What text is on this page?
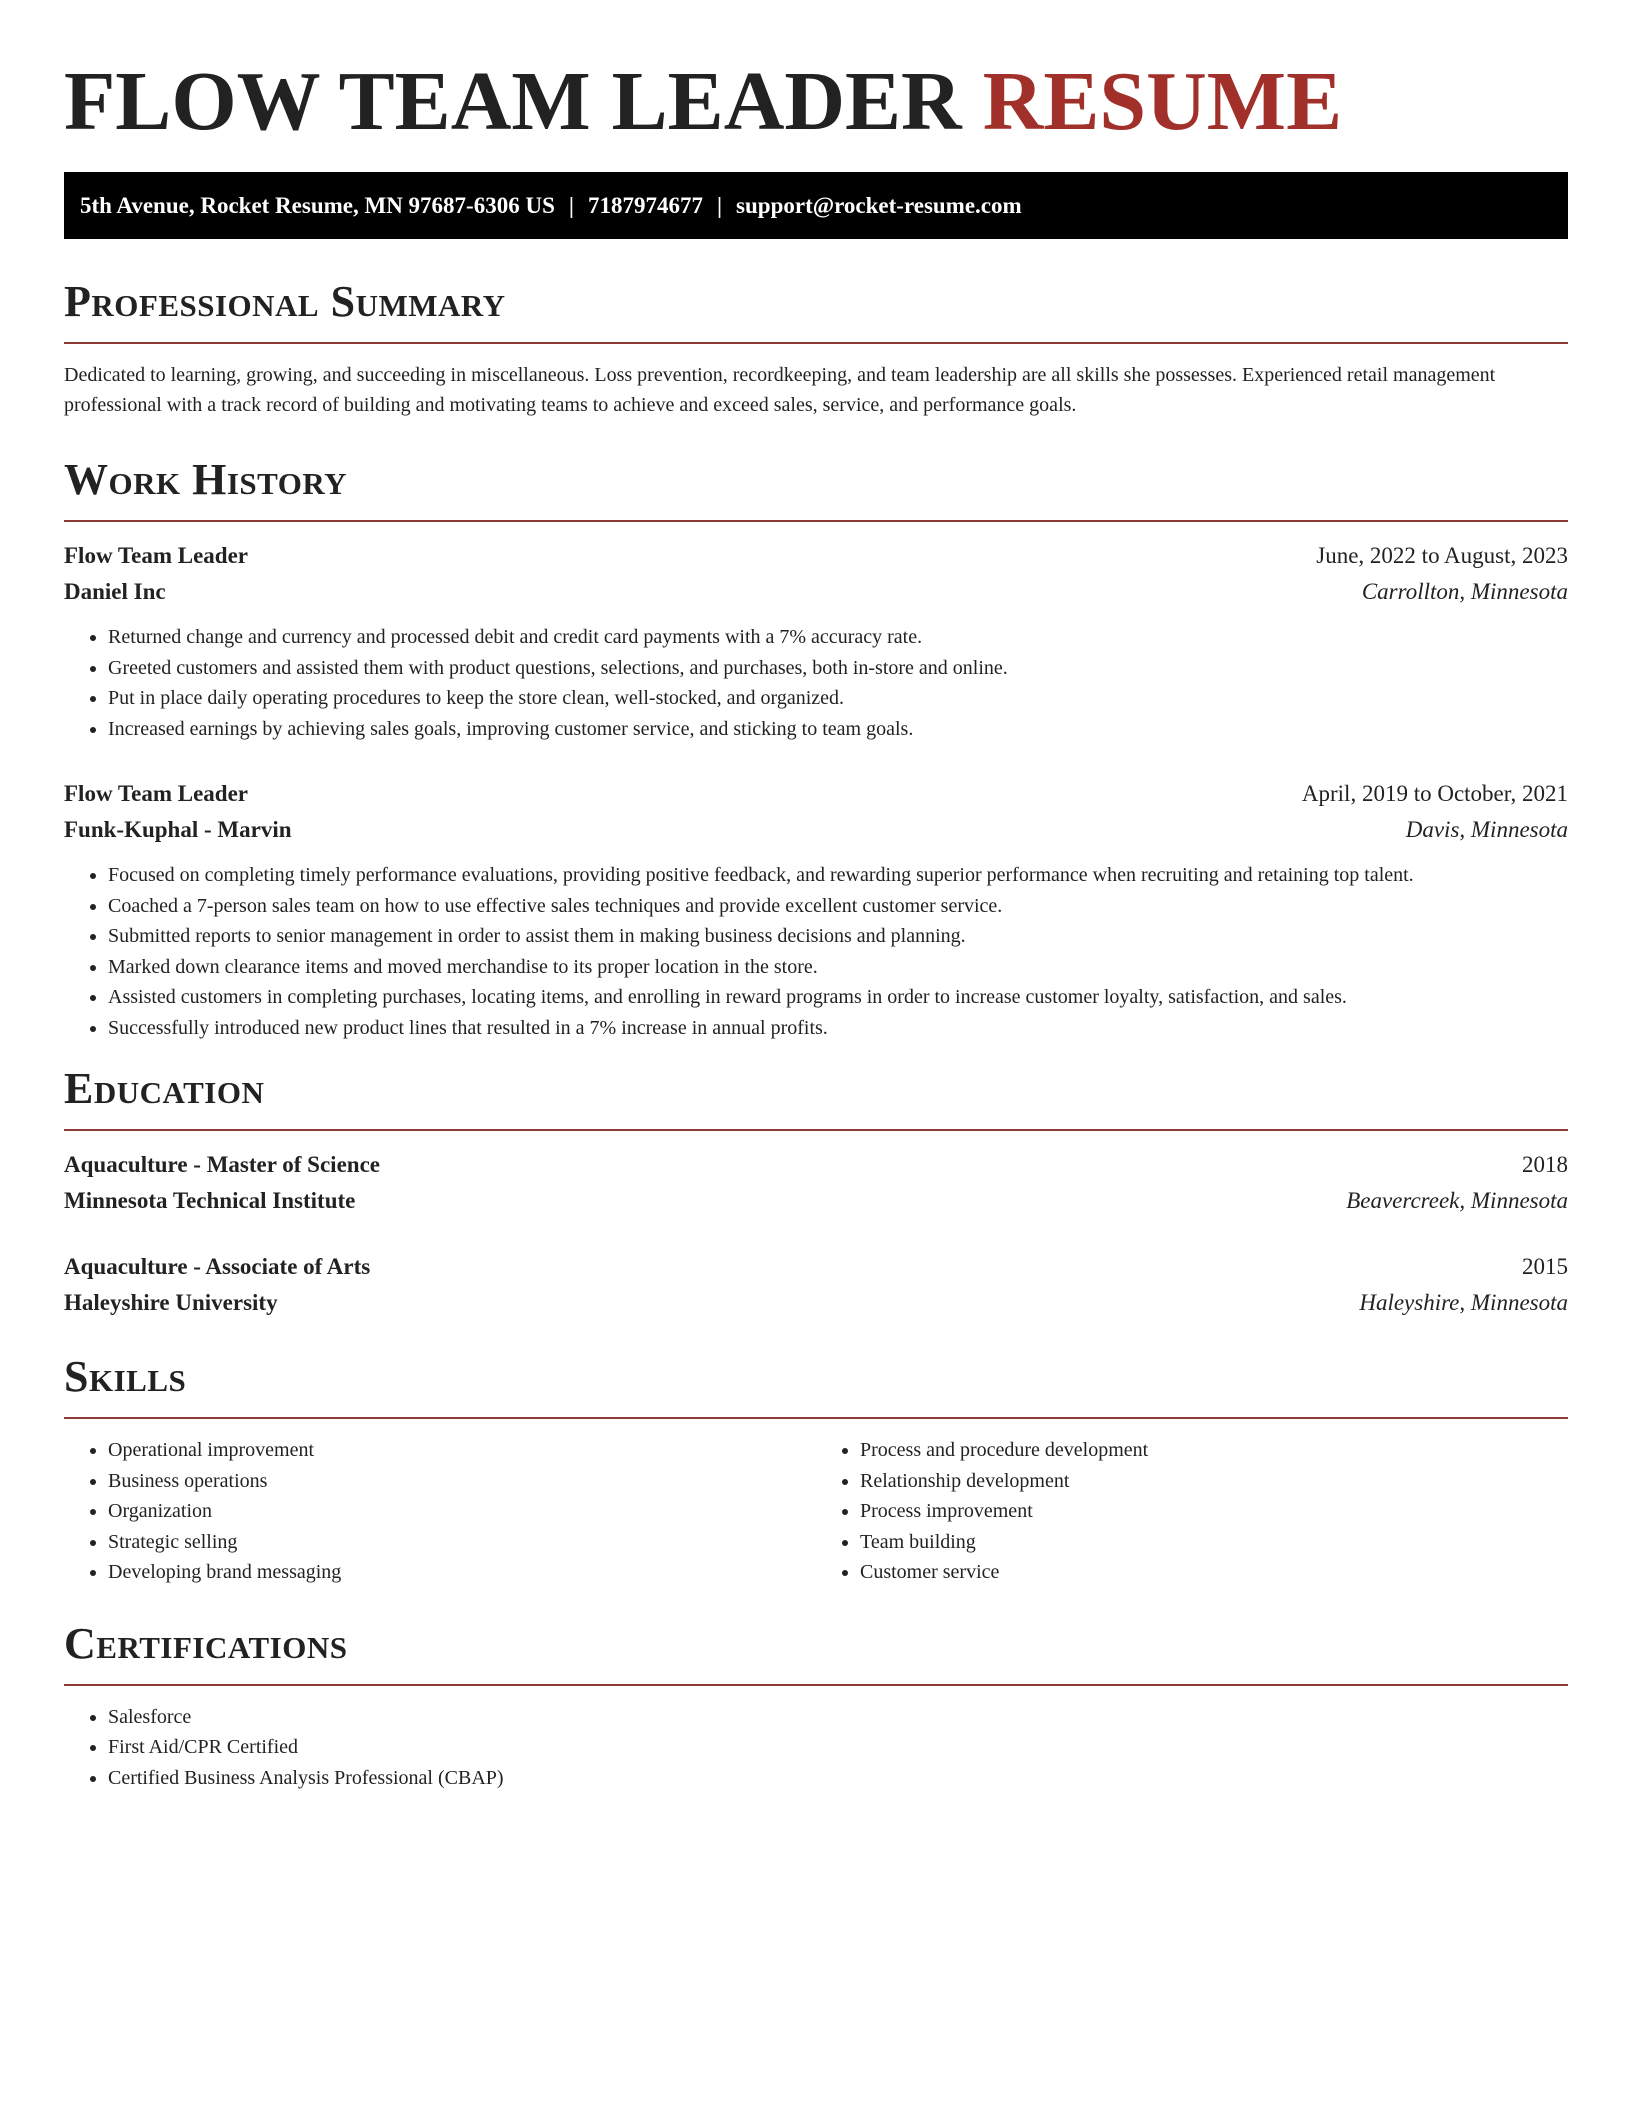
FLOW TEAM LEADER RESUME
5th Avenue, Rocket Resume, MN 97687-6306 US | 7187974677 | support@rocket-resume.com
Professional Summary

Dedicated to learning, growing, and succeeding in miscellaneous. Loss prevention, recordkeeping, and team leadership are all skills she possesses. Experienced retail management professional with a track record of building and motivating teams to achieve and exceed sales, service, and performance goals.

Work History
Flow Team Leader	June, 2022 to August, 2023
Daniel Inc	Carrollton, Minnesota
• Returned change and currency and processed debit and credit card payments with a 7% accuracy rate.
• Greeted customers and assisted them with product questions, selections, and purchases, both in-store and online.
• Put in place daily operating procedures to keep the store clean, well-stocked, and organized.
• Increased earnings by achieving sales goals, improving customer service, and sticking to team goals.
Flow Team Leader	April, 2019 to October, 2021
Funk-Kuphal - Marvin	Davis, Minnesota
• Focused on completing timely performance evaluations, providing positive feedback, and rewarding superior performance when recruiting and retaining top talent.
• Coached a 7-person sales team on how to use effective sales techniques and provide excellent customer service.
• Submitted reports to senior management in order to assist them in making business decisions and planning.
• Marked down clearance items and moved merchandise to its proper location in the store.
• Assisted customers in completing purchases, locating items, and enrolling in reward programs in order to increase customer loyalty, satisfaction, and sales.
• Successfully introduced new product lines that resulted in a 7% increase in annual profits.
Education
Aquaculture - Master of Science	2018
Minnesota Technical Institute	Beavercreek, Minnesota
Aquaculture - Associate of Arts	2015
Haleyshire University	Haleyshire, Minnesota
Skills
• Operational improvement
• Business operations
• Organization
• Strategic selling
• Developing brand messaging
• Process and procedure development
• Relationship development
• Process improvement
• Team building
• Customer service
Certifications
• Salesforce
• First Aid/CPR Certified
• Certified Business Analysis Professional (CBAP)
